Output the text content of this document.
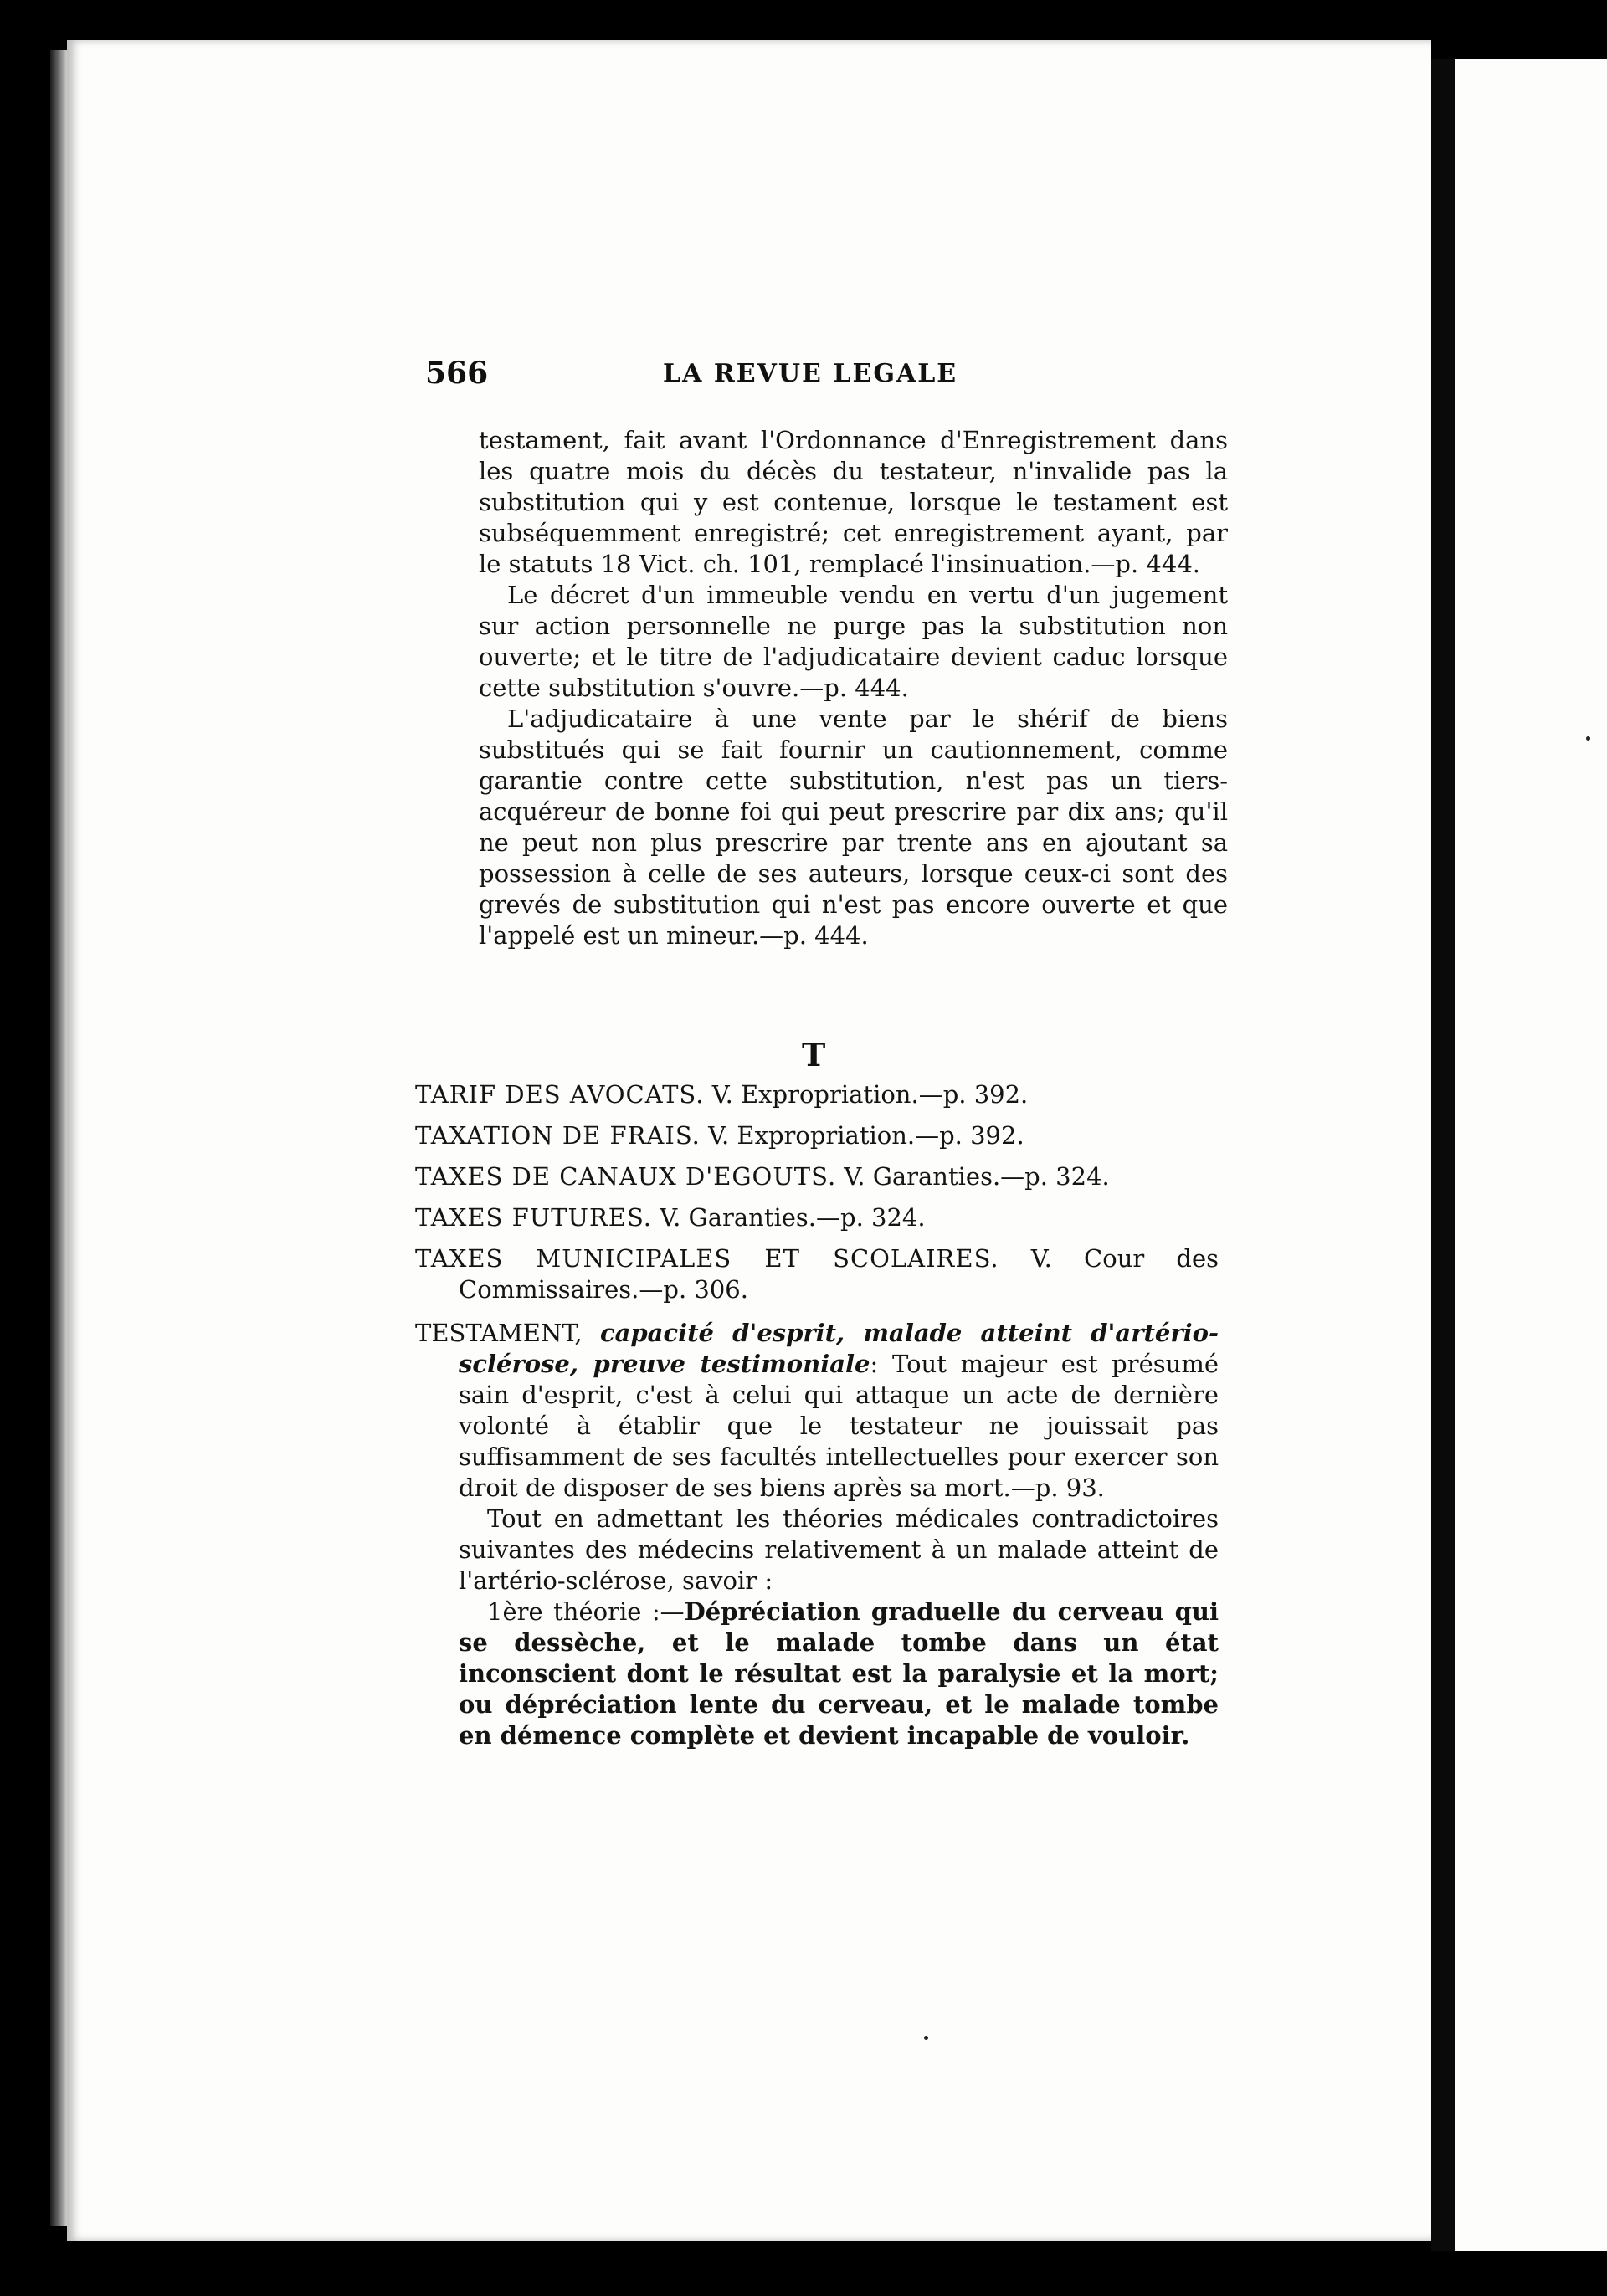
566	LA REVUE LEGALE

testament, fait avant l'Ordonnance d'Enregistrement dans les quatre mois du décès du testateur, n'invalide pas la substitution qui y est contenue, lorsque le testament est subséquemment enregistré; cet enregistrement ayant, par le statuts 18 Vict. ch. 101, remplacé l'insinuation.—p. 444.

Le décret d'un immeuble vendu en vertu d'un jugement sur action personnelle ne purge pas la substitution non ouverte; et le titre de l'adjudicataire devient caduc lorsque cette substitution s'ouvre.—p. 444.

L'adjudicataire à une vente par le shérif de biens substitués qui se fait fournir un cautionnement, comme garantie contre cette substitution, n'est pas un tiers-acquéreur de bonne foi qui peut prescrire par dix ans; qu'il ne peut non plus prescrire par trente ans en ajoutant sa possession à celle de ses auteurs, lorsque ceux-ci sont des grevés de substitution qui n'est pas encore ouverte et que l'appelé est un mineur.—p. 444.

T

TARIF DES AVOCATS. V. Expropriation.—p. 392.

TAXATION DE FRAIS. V. Expropriation.—p. 392.

TAXES DE CANAUX D'EGOUTS. V. Garanties.—p. 324.

TAXES FUTURES. V. Garanties.—p. 324.

TAXES MUNICIPALES ET SCOLAIRES. V. Cour des Commissaires.—p. 306.

TESTAMENT, capacité d'esprit, malade atteint d'artério-sclérose, preuve testimoniale: Tout majeur est présumé sain d'esprit, c'est à celui qui attaque un acte de dernière volonté à établir que le testateur ne jouissait pas suffisamment de ses facultés intellectuelles pour exercer son droit de disposer de ses biens après sa mort.—p. 93.

Tout en admettant les théories médicales contradictoires suivantes des médecins relativement à un malade atteint de l'artério-sclérose, savoir :

1ère théorie :—Dépréciation graduelle du cerveau qui se dessèche, et le malade tombe dans un état inconscient dont le résultat est la paralysie et la mort; ou dépréciation lente du cerveau, et le malade tombe en démence complète et devient incapable de vouloir.
